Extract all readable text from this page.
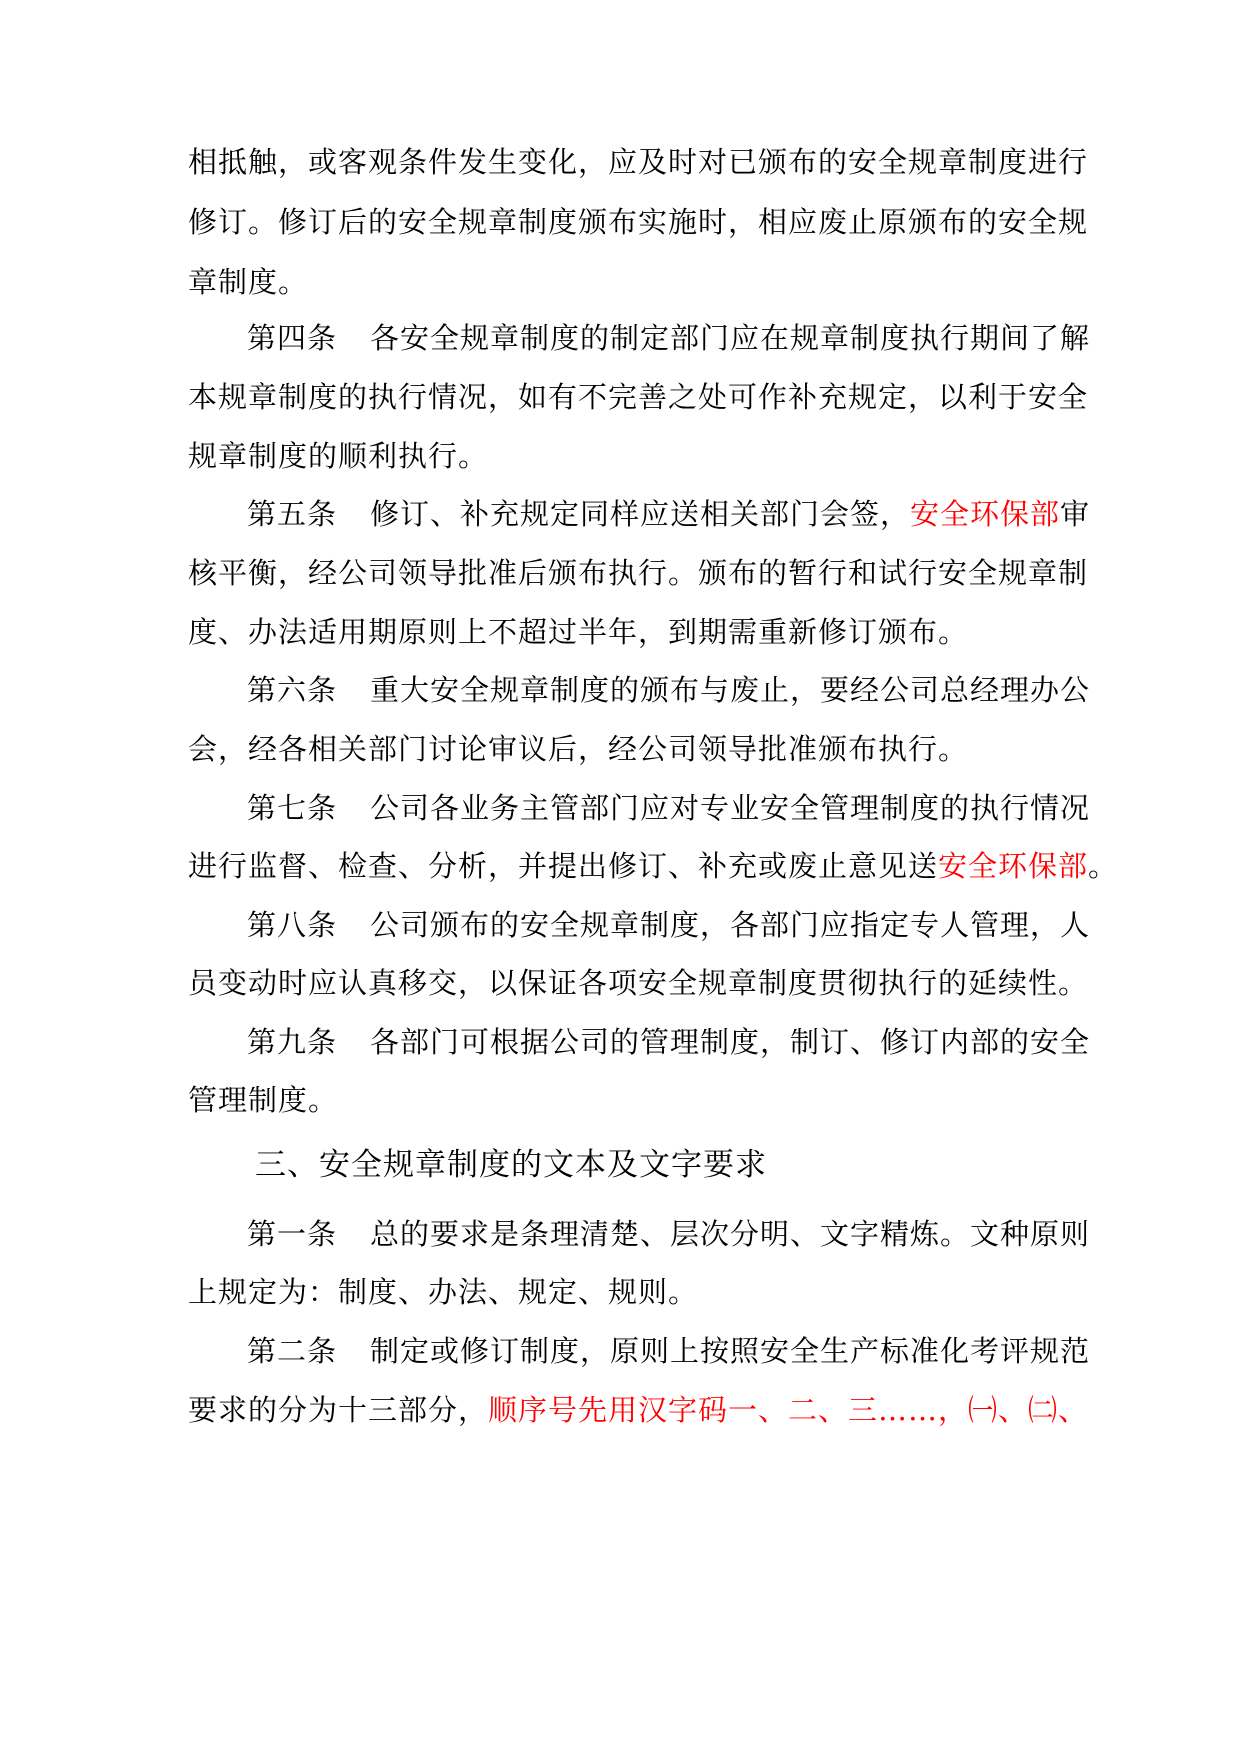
相抵触，或客观条件发生变化，应及时对已颁布的安全规章制度进行
修订。修订后的安全规章制度颁布实施时，相应废止原颁布的安全规
章制度。
第四条 各安全规章制度的制定部门应在规章制度执行期间了解
本规章制度的执行情况，如有不完善之处可作补充规定，以利于安全
规章制度的顺利执行。
第五条 修订、补充规定同样应送相关部门会签，安全环保部审
核平衡，经公司领导批准后颁布执行。颁布的暂行和试行安全规章制
度、办法适用期原则上不超过半年，到期需重新修订颁布。
第六条 重大安全规章制度的颁布与废止，要经公司总经理办公
会，经各相关部门讨论审议后，经公司领导批准颁布执行。
第七条 公司各业务主管部门应对专业安全管理制度的执行情况
进行监督、检查、分析，并提出修订、补充或废止意见送安全环保部。
第八条 公司颁布的安全规章制度，各部门应指定专人管理，人
员变动时应认真移交，以保证各项安全规章制度贯彻执行的延续性。
第九条 各部门可根据公司的管理制度，制订、修订内部的安全
管理制度。
三、安全规章制度的文本及文字要求
第一条 总的要求是条理清楚、层次分明、文字精炼。文种原则
上规定为：制度、办法、规定、规则。
第二条 制定或修订制度，原则上按照安全生产标准化考评规范
要求的分为十三部分，顺序号先用汉字码一、二、三……，㈠、㈡、
